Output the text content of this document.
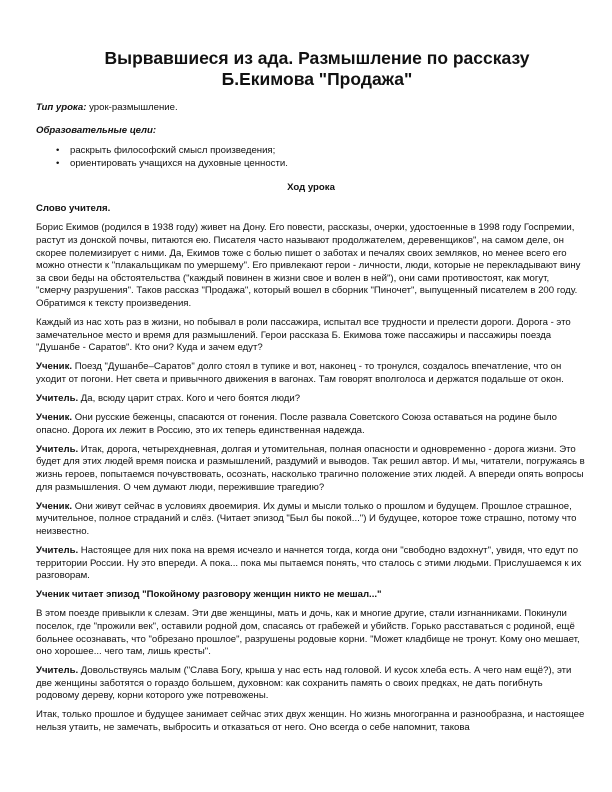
Вырвавшиеся из ада. Размышление по рассказу Б.Екимова "Продажа"

Тип урока: урок-размышление.

Образовательные цели:

• раскрыть философский смысл произведения;
• ориентировать учащихся на духовные ценности.

Ход урока

Слово учителя.

Борис Екимов (родился в 1938 году) живет на Дону. Его повести, рассказы, очерки, удостоенные в 1998 году Госпремии, растут из донской почвы, питаются ею. Писателя часто называют продолжателем, деревенщиков", на самом деле, он скорее полемизирует с ними. Да, Екимов тоже с болью пишет о заботах и печалях своих земляков, но менее всего его можно отнести к "плакальщикам по умершему". Его привлекают герои - личности, люди, которые не перекладывают вину за свои беды на обстоятельства ("каждый повинен в жизни свое и волен в ней"), они сами противостоят, как могут, "смерчу разрушения". Таков рассказ "Продажа", который вошел в сборник "Пиночет", выпущенный писателем в 200 году. Обратимся к тексту произведения.

Каждый из нас хоть раз в жизни, но побывал в роли пассажира, испытал все трудности и прелести дороги. Дорога - это замечательное место и время для размышлений. Герои рассказа Б. Екимова тоже пассажиры и пассажиры поезда "Душанбе - Саратов". Кто они? Куда и зачем едут?

Ученик. Поезд "Душанбе–Саратов" долго стоял в тупике и вот, наконец - то тронулся, создалось впечатление, что он уходит от погони. Нет света и привычного движения в вагонах. Там говорят вполголоса и держатся подальше от окон.

Учитель. Да, всюду царит страх. Кого и чего боятся люди?

Ученик. Они русские беженцы, спасаются от гонения. После развала Советского Союза оставаться на родине было опасно. Дорога их лежит в Россию, это их теперь единственная надежда.

Учитель. Итак, дорога, четырехдневная, долгая и утомительная, полная опасности и одновременно - дорога жизни. Это будет для этих людей время поиска и размышлений, раздумий и выводов. Так решил автор. И мы, читатели, погружаясь в жизнь героев, попытаемся почувствовать, осознать, насколько трагично положение этих людей. А впереди опять вопросы для размышления. О чем думают люди, пережившие трагедию?

Ученик. Они живут сейчас в условиях двоемирия. Их думы и мысли только о прошлом и будущем. Прошлое страшное, мучительное, полное страданий и слёз. (Читает эпизод "Был бы покой...") И будущее, которое тоже страшно, потому что неизвестно.

Учитель. Настоящее для них пока на время исчезло и начнется тогда, когда они "свободно вздохнут", увидя, что едут по территории России. Ну это впереди. А пока... пока мы пытаемся понять, что сталось с этими людьми. Прислушаемся к их разговорам.

Ученик читает эпизод "Покойному разговору женщин никто не мешал..."

В этом поезде привыкли к слезам. Эти две женщины, мать и дочь, как и многие другие, стали изгнанниками. Покинули поселок, где "прожили век", оставили родной дом, спасаясь от грабежей и убийств. Горько расставаться с родиной, ещё больнее осознавать, что "обрезано прошлое", разрушены родовые корни. "Может кладбище не тронут. Кому оно мешает, оно хорошее... чего там, лишь кресты".

Учитель. Довольствуясь малым ("Слава Богу, крыша у нас есть над головой. И кусок хлеба есть. А чего нам ещё?), эти две женщины заботятся о гораздо большем, духовном: как сохранить память о своих предках, не дать погибнуть родовому дереву, корни которого уже потревожены.

Итак, только прошлое и будущее занимает сейчас этих двух женщин. Но жизнь многогранна и разнообразна, и настоящее нельзя утаить, не замечать, выбросить и отказаться от него. Оно всегда о себе напомнит, такова
